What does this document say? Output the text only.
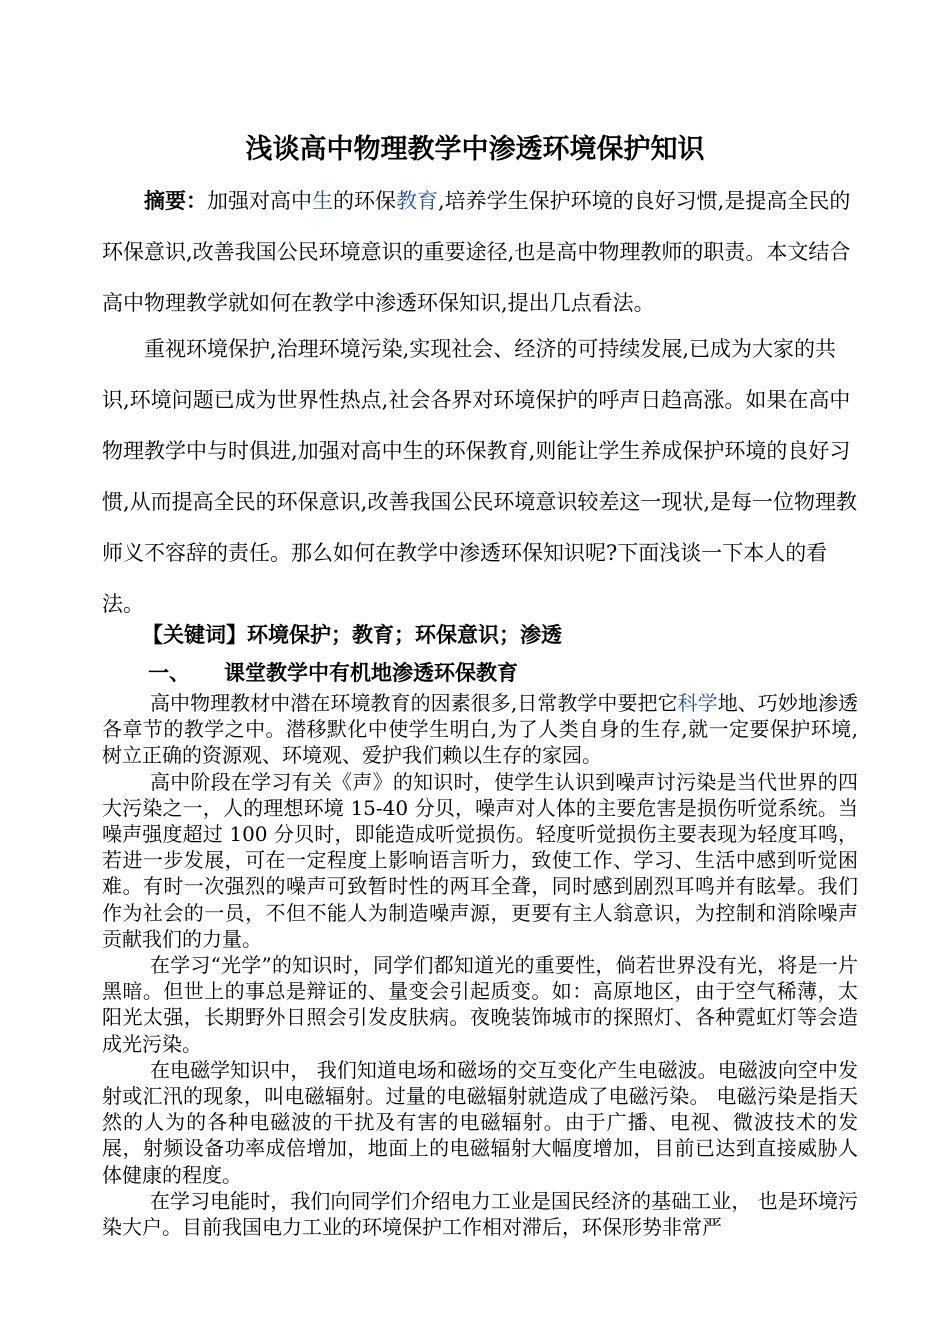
浅谈高中物理教学中渗透环境保护知识
摘要：加强对高中生的环保教育,培养学生保护环境的良好习惯,是提高全民的环保意识,改善我国公民环境意识的重要途径,也是高中物理教师的职责。本文结合高中物理教学就如何在教学中渗透环保知识,提出几点看法。
重视环境保护,治理环境污染,实现社会、经济的可持续发展,已成为大家的共识,环境问题已成为世界性热点,社会各界对环境保护的呼声日趋高涨。如果在高中物理教学中与时俱进,加强对高中生的环保教育,则能让学生养成保护环境的良好习惯,从而提高全民的环保意识,改善我国公民环境意识较差这一现状,是每一位物理教师义不容辞的责任。那么如何在教学中渗透环保知识呢?下面浅谈一下本人的看法。
【关键词】环境保护；教育；环保意识；渗透
一、 课堂教学中有机地渗透环保教育

高中物理教材中潜在环境教育的因素很多,日常教学中要把它科学地、巧妙地渗透各章节的教学之中。潜移默化中使学生明白,为了人类自身的生存,就一定要保护环境, 树立正确的资源观、环境观、爱护我们赖以生存的家园。

高中阶段在学习有关《声》的知识时，使学生认识到噪声讨污染是当代世界的四大污染之一，人的理想环境 15-40 分贝，噪声对人体的主要危害是损伤听觉系统。当噪声强度超过 100 分贝时，即能造成听觉损伤。轻度听觉损伤主要表现为轻度耳鸣，若进一步发展，可在一定程度上影响语言听力，致使工作、学习、生活中感到听觉困难。有时一次强烈的噪声可致暂时性的两耳全聋，同时感到剧烈耳鸣并有眩晕。我们作为社会的一员，不但不能人为制造噪声源，更要有主人翁意识，为控制和消除噪声贡献我们的力量。

在学习“光学”的知识时，同学们都知道光的重要性，倘若世界没有光，将是一片黑暗。但世上的事总是辩证的、量变会引起质变。如：高原地区，由于空气稀薄，太阳光太强，长期野外日照会引发皮肤病。夜晚装饰城市的探照灯、各种霓虹灯等会造成光污染。

在电磁学知识中， 我们知道电场和磁场的交互变化产生电磁波。电磁波向空中发射或汇汛的现象，叫电磁辐射。过量的电磁辐射就造成了电磁污染。 电磁污染是指天然的人为的各种电磁波的干扰及有害的电磁辐射。由于广播、电视、微波技术的发展，射频设备功率成倍增加，地面上的电磁辐射大幅度增加，目前已达到直接威胁人体健康的程度。

在学习电能时，我们向同学们介绍电力工业是国民经济的基础工业， 也是环境污染大户。目前我国电力工业的环境保护工作相对滞后，环保形势非常严
